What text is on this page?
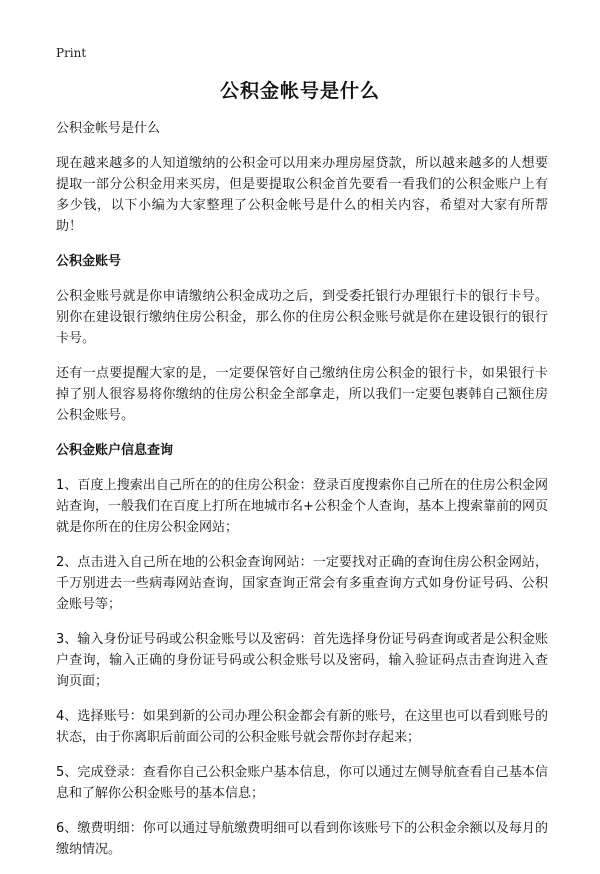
Print
公积金帐号是什么

公积金帐号是什么

现在越来越多的人知道缴纳的公积金可以用来办理房屋贷款，所以越来越多的人想要提取一部分公积金用来买房，但是要提取公积金首先要看一看我们的公积金账户上有多少钱，以下小编为大家整理了公积金帐号是什么的相关内容，希望对大家有所帮助！

公积金账号

公积金账号就是你申请缴纳公积金成功之后，到受委托银行办理银行卡的银行卡号。别你在建设银行缴纳住房公积金，那么你的住房公积金账号就是你在建设银行的银行卡号。

还有一点要提醒大家的是，一定要保管好自己缴纳住房公积金的银行卡，如果银行卡掉了别人很容易将你缴纳的住房公积金全部拿走，所以我们一定要包裹韩自己额住房公积金账号。

公积金账户信息查询

1、百度上搜索出自己所在的的住房公积金：登录百度搜索你自己所在的住房公积金网站查询，一般我们在百度上打所在地城市名+公积金个人查询，基本上搜索靠前的网页就是你所在的住房公积金网站；

2、点击进入自己所在地的公积金查询网站：一定要找对正确的查询住房公积金网站，千万别进去一些病毒网站查询，国家查询正常会有多重查询方式如身份证号码、公积金账号等；

3、输入身份证号码或公积金账号以及密码：首先选择身份证号码查询或者是公积金账户查询，输入正确的身份证号码或公积金账号以及密码，输入验证码点击查询进入查询页面；

4、选择账号：如果到新的公司办理公积金都会有新的账号，在这里也可以看到账号的状态，由于你离职后前面公司的公积金账号就会帮你封存起来；

5、完成登录：查看你自己公积金账户基本信息，你可以通过左侧导航查看自己基本信息和了解你公积金账号的基本信息；

6、缴费明细：你可以通过导航缴费明细可以看到你该账号下的公积金余额以及每月的缴纳情况。
